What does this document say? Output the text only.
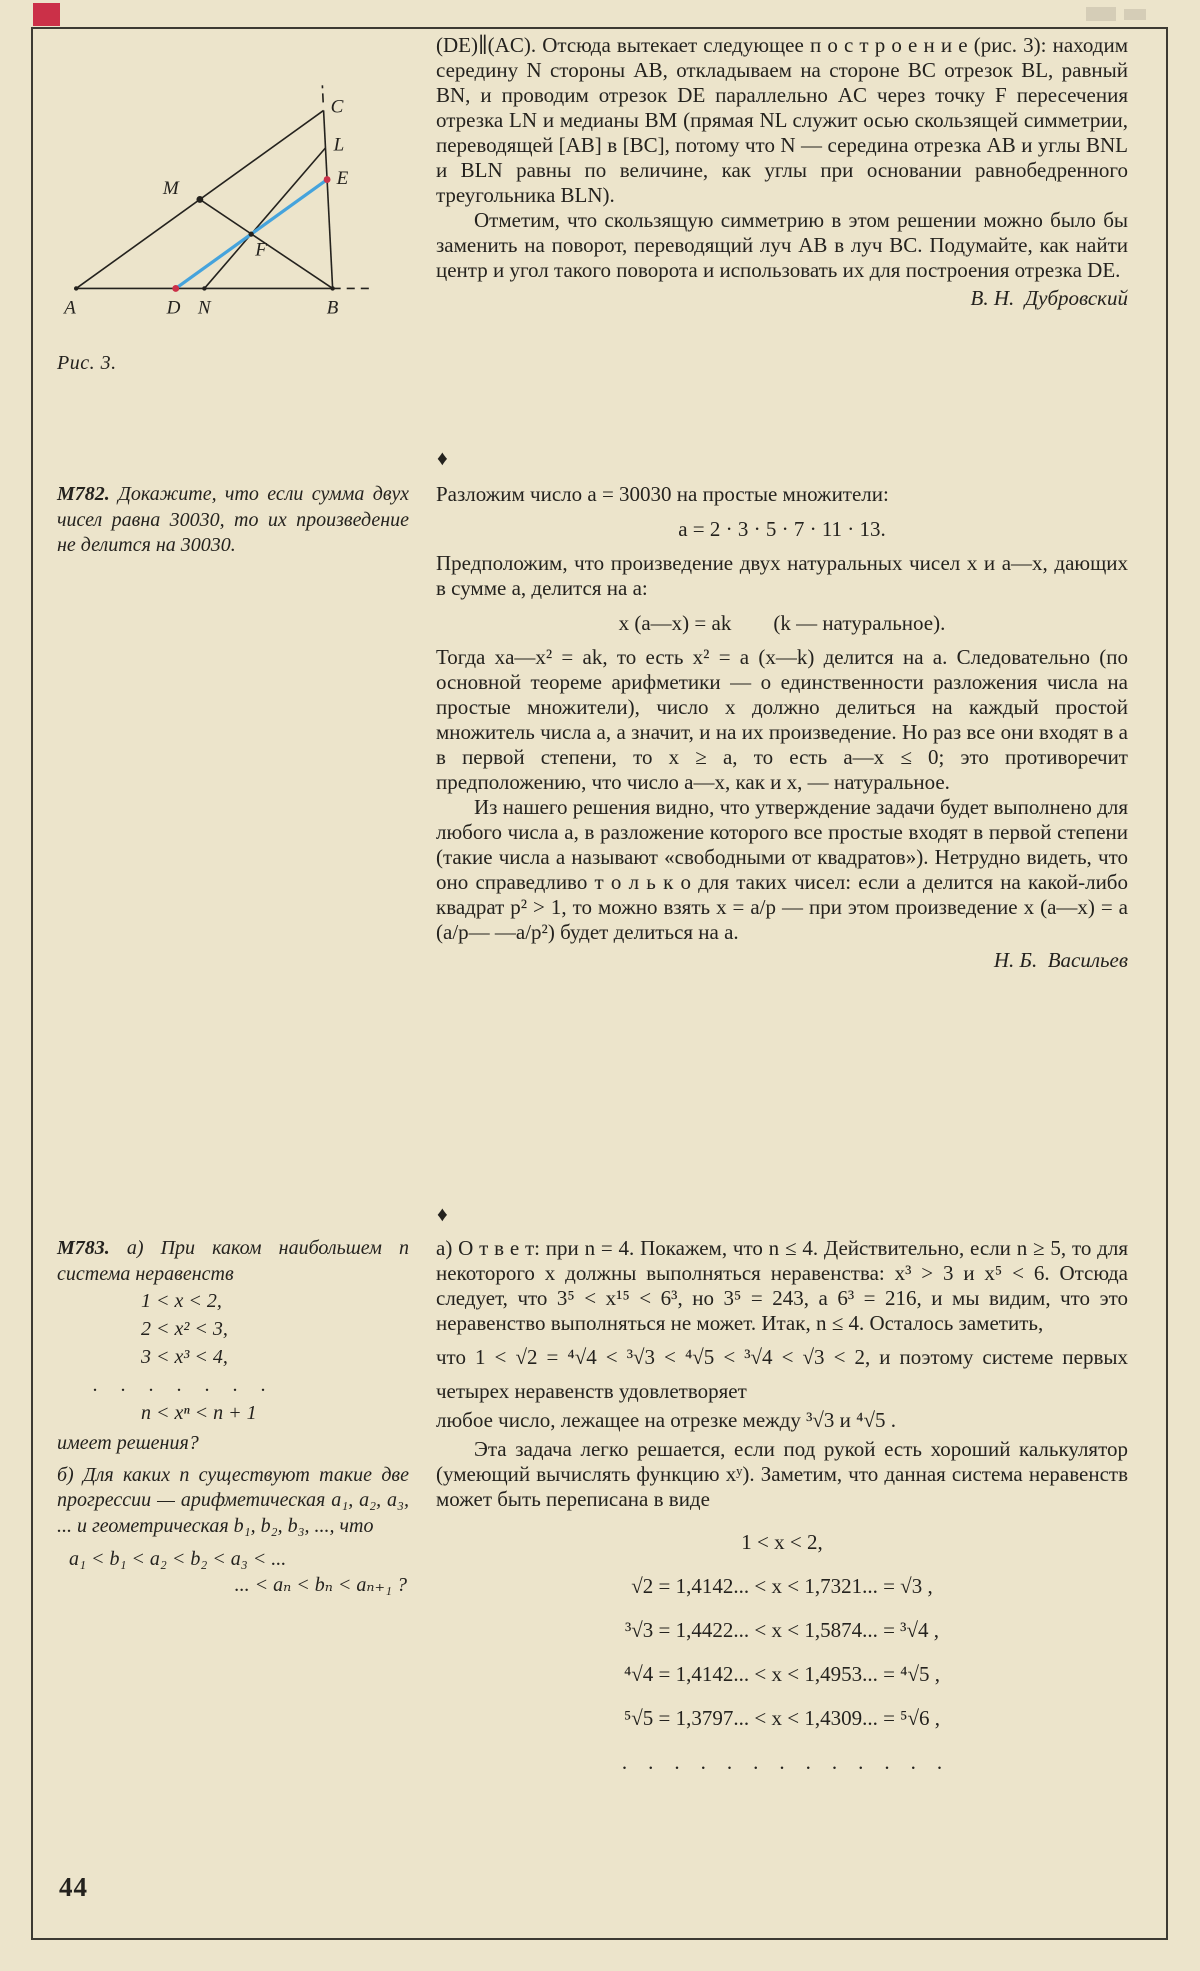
A	D N	B
C
L
E
M
F
Рис. 3.

(DE)∥(AC). Отсюда вытекает следующее п о с т р о е н и е (рис. 3): находим середину N стороны AB, откладываем на стороне BC отрезок BL, равный BN, и проводим отрезок DE параллельно AC через точку F пересечения отрезка LN и медианы BM (прямая NL служит осью скользящей симметрии, переводящей [AB] в [BC], потому что N — середина отрезка AB и углы BNL и BLN равны по величине, как углы при основании равнобедренного треугольника BLN).

Отметим, что скользящую симметрию в этом решении можно было бы заменить на поворот, переводящий луч AB в луч BC. Подумайте, как найти центр и угол такого поворота и использовать их для построения отрезка DE.

В. Н. Дубровский
♦
М782. Докажите, что если сумма двух чисел равна 30030, то их произведение не делится на 30030.

Разложим число a = 30030 на простые множители:

a = 2 · 3 · 5 · 7 · 11 · 13.

Предположим, что произведение двух натуральных чисел x и a—x, дающих в сумме a, делится на a:

x (a—x) = ak  (k — натуральное).

Тогда xa—x² = ak, то есть x² = a (x—k) делится на a. Следовательно (по основной теореме арифметики — о единственности разложения числа на простые множители), число x должно делиться на каждый простой множитель числа a, а значит, и на их произведение. Но раз все они входят в a в первой степени, то x ≥ a, то есть a—x ≤ 0; это противоречит предположению, что число a—x, как и x, — натуральное.

Из нашего решения видно, что утверждение задачи будет выполнено для любого числа a, в разложение которого все простые входят в первой степени (такие числа a называют «свободными от квадратов»). Нетрудно видеть, что оно справедливо т о л ь к о для таких чисел: если a делится на какой-либо квадрат p² > 1, то можно взять x = a/p — при этом произведение x (a—x) = a (a/p— —a/p²) будет делиться на a.

Н. Б. Васильев
♦
М783. а) При каком наибольшем n система неравенств
1 < x < 2,
2 < x² < 3,
3 < x³ < 4,
.  .  .  .  .  .  .
n < xⁿ < n + 1
имеет решения?
б) Для каких n существуют такие две прогрессии — арифметическая a₁, a₂, a₃, ... и геометрическая b₁, b₂, b₃, ..., что
a₁ < b₁ < a₂ < b₂ < a₃ < ...
... < aₙ < bₙ < aₙ₊₁ ?

а) О т в е т: при n = 4. Покажем, что n ≤ 4. Действительно, если n ≥ 5, то для некоторого x должны выполняться неравенства: x³ > 3 и x⁵ < 6. Отсюда следует, что 3⁵ < x¹⁵ < 6³, но 3⁵ = 243, а 6³ = 216, и мы видим, что это неравенство выполняться не может. Итак, n ≤ 4. Осталось заметить,

что 1 < √2 = ⁴√4 < ³√3 < ⁴√5 < ³√4 < √3 < 2, и поэтому системе первых четырех неравенств удовлетворяет

любое число, лежащее на отрезке между ³√3 и ⁴√5 .

Эта задача легко решается, если под рукой есть хороший калькулятор (умеющий вычислять функцию xʸ). Заметим, что данная система неравенств может быть переписана в виде

1 < x < 2,
√2 = 1,4142... < x < 1,7321... = √3 ,
³√3 = 1,4422... < x < 1,5874... = ³√4 ,
⁴√4 = 1,4142... < x < 1,4953... = ⁴√5 ,
⁵√5 = 1,3797... < x < 1,4309... = ⁵√6 ,
. . . . . . . . . . . . .
44
